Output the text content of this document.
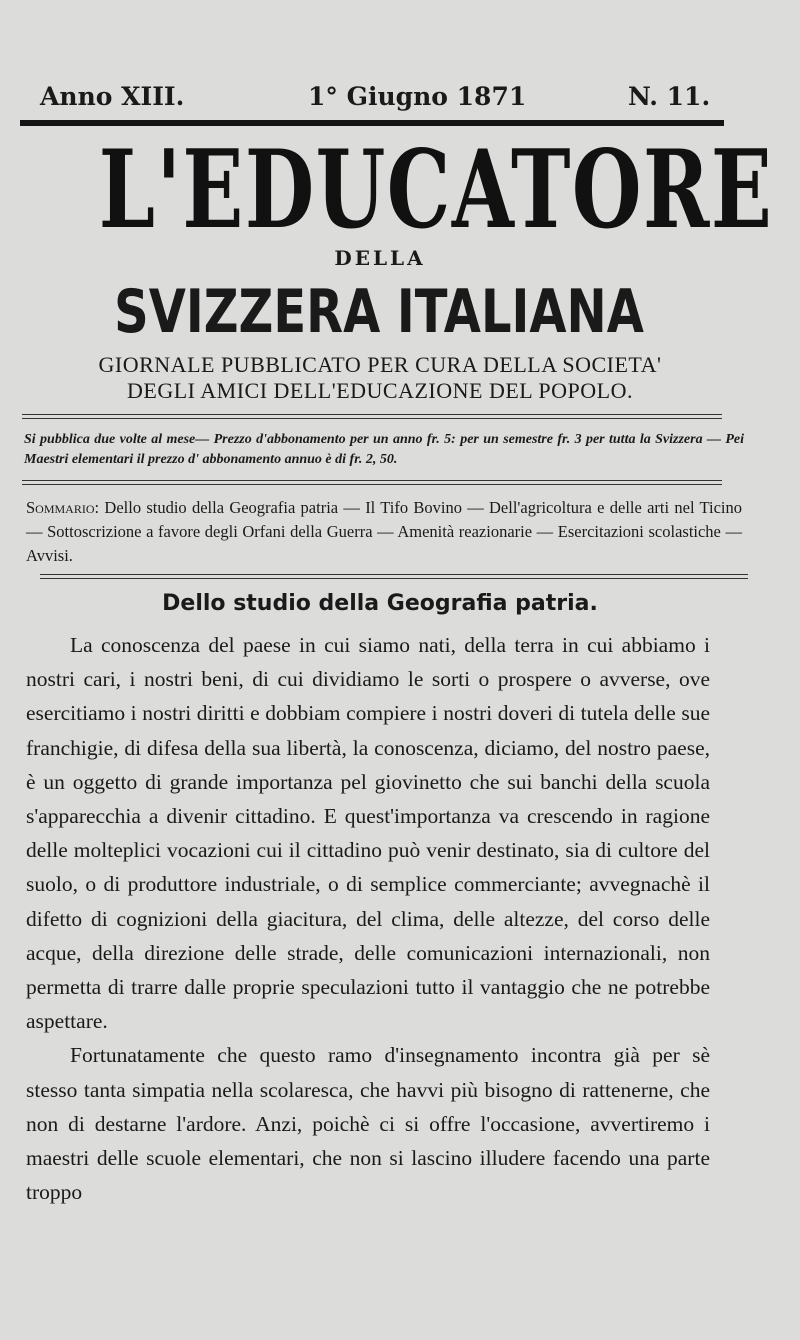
Anno XIII.	1° Giugno 1871	N. 11.
L'EDUCATORE
DELLA
SVIZZERA ITALIANA
GIORNALE PUBBLICATO PER CURA DELLA SOCIETA'
DEGLI AMICI DELL'EDUCAZIONE DEL POPOLO.
Si pubblica due volte al mese— Prezzo d'abbonamento per un anno fr. 5: per un semestre fr. 3 per tutta la Svizzera — Pei Maestri elementari il prezzo d' abbonamento annuo è di fr. 2, 50.
Sommario: Dello studio della Geografia patria — Il Tifo Bovino — Dell'agricoltura e delle arti nel Ticino — Sottoscrizione a favore degli Orfani della Guerra — Amenità reazionarie — Esercitazioni scolastiche — Avvisi.
Dello studio della Geografia patria.

La conoscenza del paese in cui siamo nati, della terra in cui abbiamo i nostri cari, i nostri beni, di cui dividiamo le sorti o prospere o avverse, ove esercitiamo i nostri diritti e dobbiam compiere i nostri doveri di tutela delle sue franchigie, di difesa della sua libertà, la conoscenza, diciamo, del nostro paese, è un oggetto di grande importanza pel giovinetto che sui banchi della scuola s'apparecchia a divenir cittadino. E quest'importanza va crescendo in ragione delle molteplici vocazioni cui il cittadino può venir destinato, sia di cultore del suolo, o di produttore industriale, o di semplice commerciante; avvegnachè il difetto di cognizioni della giacitura, del clima, delle altezze, del corso delle acque, della direzione delle strade, delle comunicazioni internazionali, non permetta di trarre dalle proprie speculazioni tutto il vantaggio che ne potrebbe aspettare.

Fortunatamente che questo ramo d'insegnamento incontra già per sè stesso tanta simpatia nella scolaresca, che havvi più bisogno di rattenerne, che non di destarne l'ardore. Anzi, poichè ci si offre l'occasione, avvertiremo i maestri delle scuole elementari, che non si lascino illudere facendo una parte troppo
